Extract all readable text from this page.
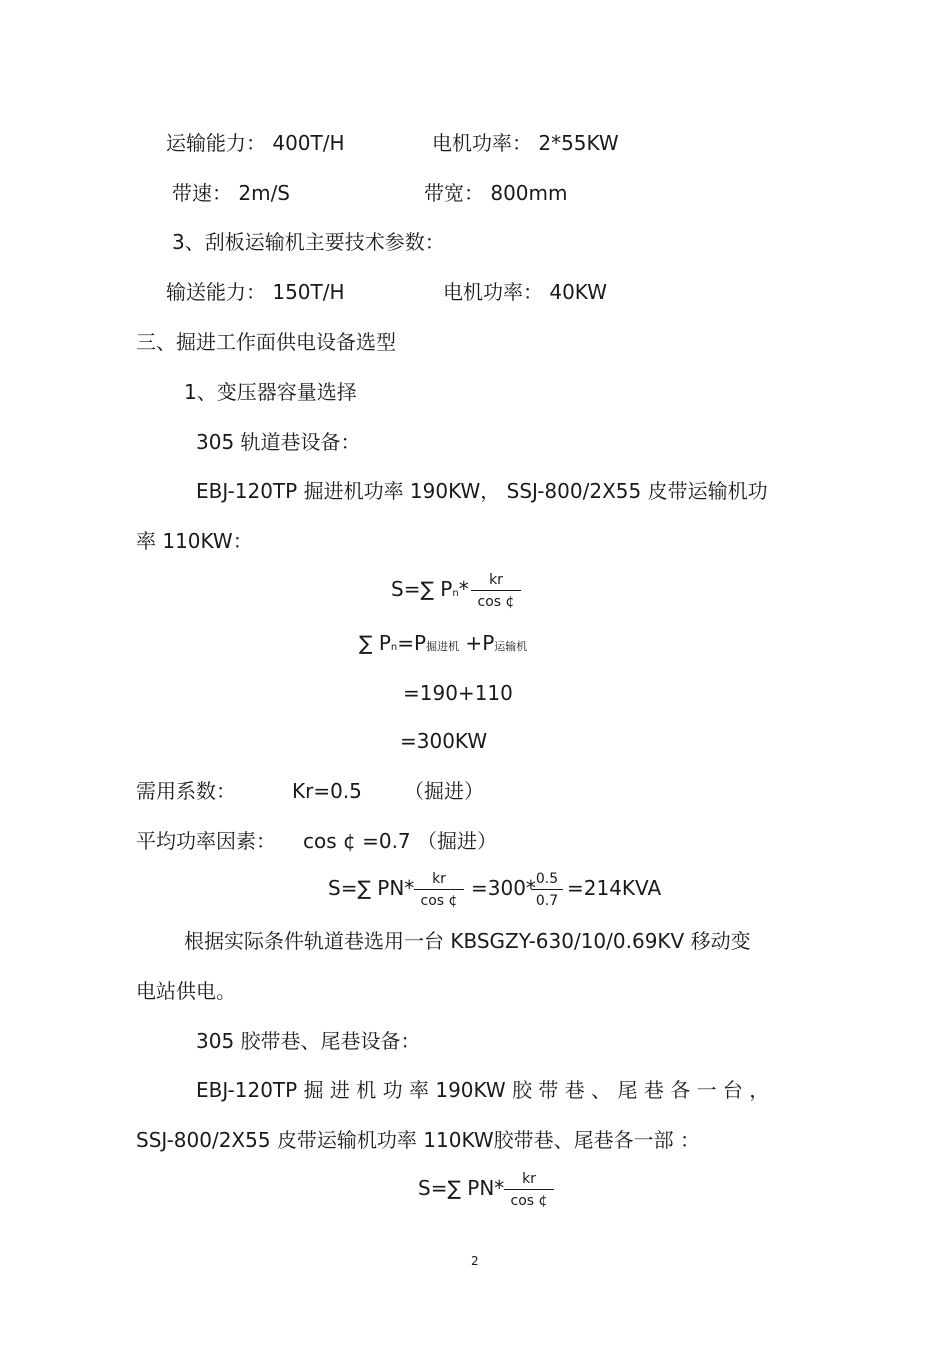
运输能力： 400T/H	电机功率： 2*55KW
带速： 2m/S	带宽： 800mm
3、刮板运输机主要技术参数：
输送能力： 150T/H	电机功率： 40KW
三、掘进工作面供电设备选型
1、变压器容量选择
305 轨道巷设备：
EBJ-120TP 掘进机功率 190KW， SSJ-800/2X55 皮带运输机功
率 110KW：
S=∑ Pn*	kr
cos ¢
∑ Pn=P掘进机 +P运输机
=190+110
=300KW
需用系数：	Kr=0.5 （掘进）
平均功率因素： cos ¢ =0.7 （掘进）
S=∑ PN*	kr
cos ¢
=300* 0.5
0.7
=214KVA
根据实际条件轨道巷选用一台 KBSGZY-630/10/0.69KV 移动变
电站供电。
305 胶带巷、尾巷设备：
EBJ-120TP 掘 进 机 功 率 190KW 胶 带 巷 、 尾 巷 各 一 台 ，
SSJ-800/2X55 皮带运输机功率 110KW胶带巷、尾巷各一部 ：
S=∑ PN*	kr
cos ¢
2
